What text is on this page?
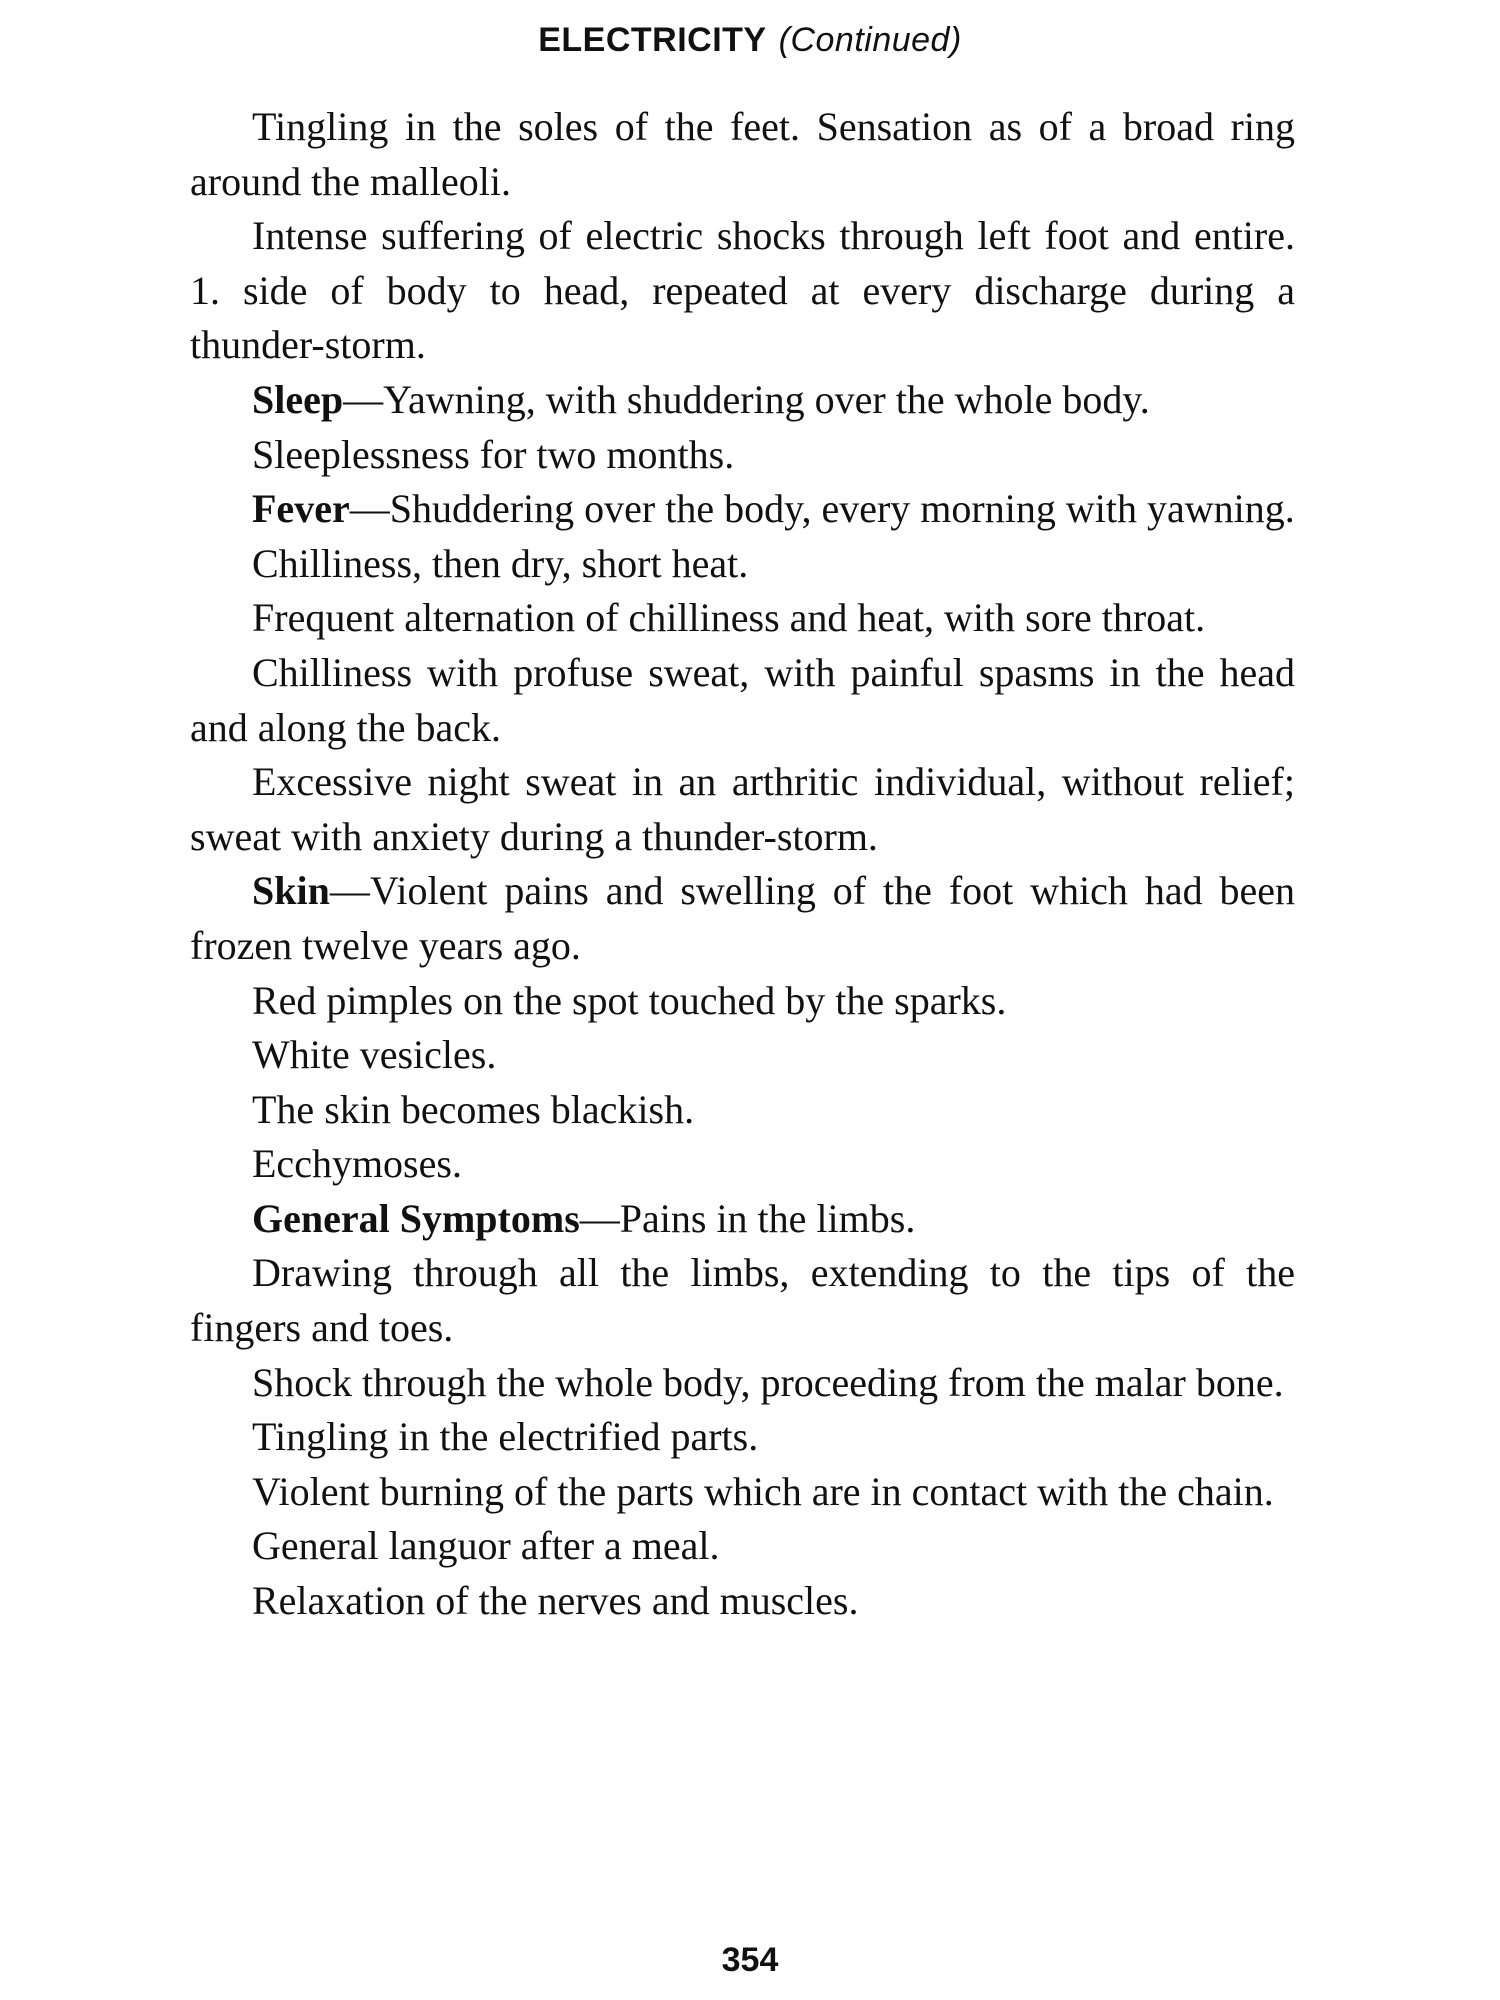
ELECTRICITY (Continued)

Tingling in the soles of the feet. Sensation as of a broad ring around the malleoli.

Intense suffering of electric shocks through left foot and entire. 1. side of body to head, repeated at every discharge during a thunder-storm.

Sleep—Yawning, with shuddering over the whole body.

Sleeplessness for two months.

Fever—Shuddering over the body, every morning with yawning.

Chilliness, then dry, short heat.

Frequent alternation of chilliness and heat, with sore throat.

Chilliness with profuse sweat, with painful spasms in the head and along the back.

Excessive night sweat in an arthritic individual, without relief; sweat with anxiety during a thunder-storm.

Skin—Violent pains and swelling of the foot which had been frozen twelve years ago.

Red pimples on the spot touched by the sparks.

White vesicles.

The skin becomes blackish.

Ecchymoses.

General Symptoms—Pains in the limbs.

Drawing through all the limbs, extending to the tips of the fingers and toes.

Shock through the whole body, proceeding from the malar bone.

Tingling in the electrified parts.

Violent burning of the parts which are in contact with the chain.

General languor after a meal.

Relaxation of the nerves and muscles.

354
